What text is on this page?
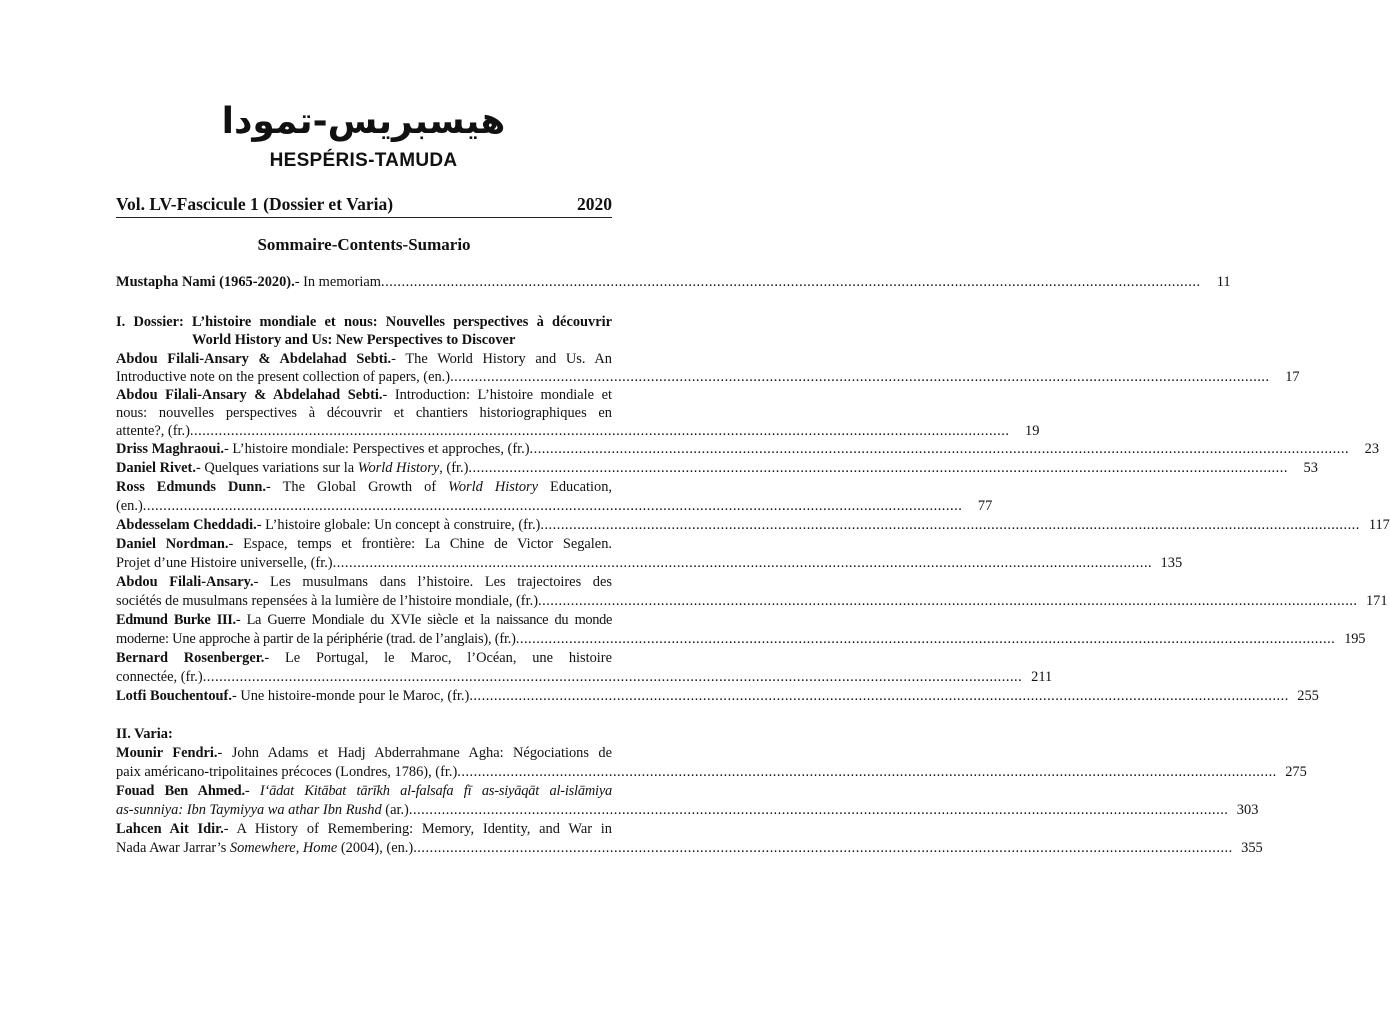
هيسبريس-تمودا
HESPÉRIS-TAMUDA
Vol. LV-Fascicule 1 (Dossier et Varia)	2020
Sommaire-Contents-Sumario
Mustapha Nami (1965-2020).- In memoriam ........................................................................................................................................................................................................	11
I. Dossier: L’histoire mondiale et nous: Nouvelles perspectives à découvrir
World History and Us: New Perspectives to Discover
Abdou Filali-Ansary & Abdelahad Sebti.- The World History and Us. An
Introductive note on the present collection of papers, (en.) ........................................................................................................................................................................................................	17
Abdou Filali-Ansary & Abdelahad Sebti.- Introduction: L’histoire mondiale et
nous: nouvelles perspectives à découvrir et chantiers historiographiques en
attente?, (fr.) ........................................................................................................................................................................................................	19
Driss Maghraoui.- L’histoire mondiale: Perspectives et approches, (fr.) ........................................................................................................................................................................................................	23
Daniel Rivet.- Quelques variations sur la World History, (fr.) ........................................................................................................................................................................................................	53
Ross Edmunds Dunn.- The Global Growth of World History Education,
(en.) ........................................................................................................................................................................................................	77
Abdesselam Cheddadi.- L’histoire globale: Un concept à construire, (fr.) ........................................................................................................................................................................................................ 117
Daniel Nordman.- Espace, temps et frontière: La Chine de Victor Segalen.
Projet d’une Histoire universelle, (fr.) ........................................................................................................................................................................................................ 135
Abdou Filali-Ansary.- Les musulmans dans l’histoire. Les trajectoires des
sociétés de musulmans repensées à la lumière de l’histoire mondiale, (fr.) ........................................................................................................................................................................................................ 171
Edmund Burke III.- La Guerre Mondiale du XVIe siècle et la naissance du monde
moderne: Une approche à partir de la périphérie (trad. de l’anglais), (fr.) ........................................................................................................................................................................................................ 195
Bernard Rosenberger.- Le Portugal, le Maroc, l’Océan, une histoire
connectée, (fr.) ........................................................................................................................................................................................................ 211
Lotfi Bouchentouf.- Une histoire-monde pour le Maroc, (fr.) ........................................................................................................................................................................................................ 255
II. Varia:
Mounir Fendri.- John Adams et Hadj Abderrahmane Agha: Négociations de
paix américano-tripolitaines précoces (Londres, 1786), (fr.) ........................................................................................................................................................................................................ 275
Fouad Ben Ahmed.- I‘ādat Kitābat tārīkh al-falsafa fī as-siyāqāt al-islāmiya
as-sunniya: Ibn Taymiyya wa athar Ibn Rushd (ar.) ........................................................................................................................................................................................................ 303
Lahcen Ait Idir.- A History of Remembering: Memory, Identity, and War in
Nada Awar Jarrar’s Somewhere, Home (2004), (en.) ........................................................................................................................................................................................................ 355
